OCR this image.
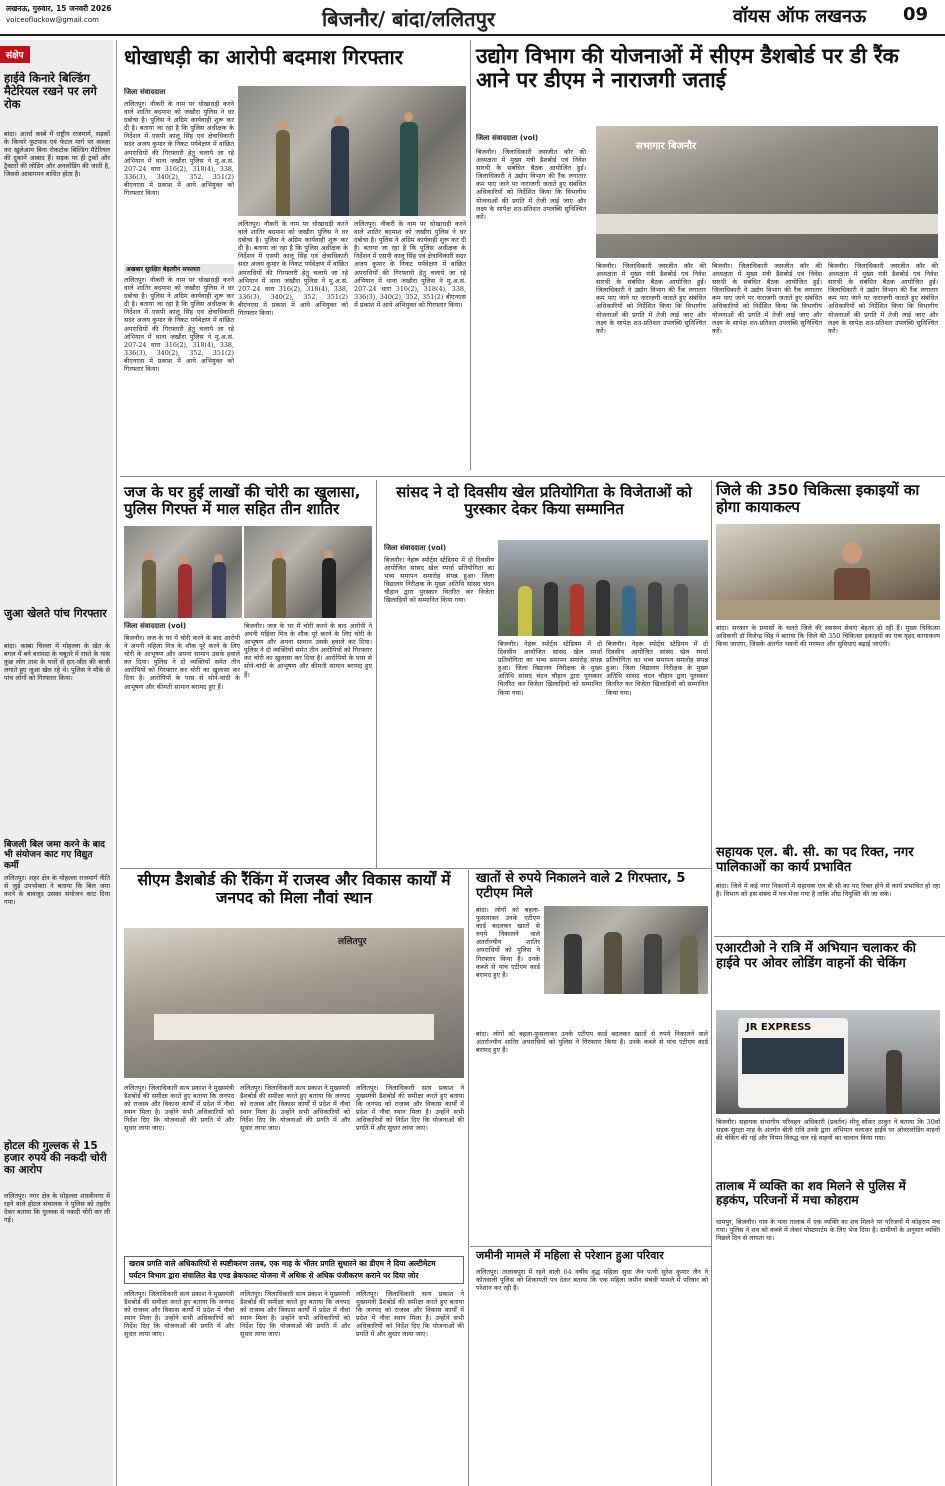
लखनऊ, गुरुवार, 15 जनवरी 2026
voiceofluckow@gmail.com	बिजनौर/ बांदा/ललितपुर	वॉयस ऑफ लखनऊ 09
संक्षेप
हाईवे किनारे बिल्डिंग मैटेरियल रखने पर लगे रोक
बांदा। अतर्रा कस्बे में राष्ट्रीय राजमार्ग, सड़कों के किनारे फुटपाथ एवं फेटल मार्ग पर कब्जा कर खुलेआम बिना रोकटोक बिल्डिंग मैटेरियल की दुकानें आबाद हैं। सड़क पर ही ट्रकों और ट्रैक्टरों की लोडिंग और अनलोडिंग की जाती है, जिससे आवागमन बाधित होता है।
जुआ खेलते पांच गिरफ्तार
बांदा। कस्बा चिल्ला में मोहल्ला के खेत के बगल में बने बरामदा के चबूतरे में रास्ते के पास कुछ लोग ताश के पत्तों से हार-जीत की बाजी लगाते हुए जुआ खेल रहे थे। पुलिस ने मौके से पांच लोगों को गिरफ्तार किया।
बिजली बिल जमा करने के बाद भी संयोजन काट गए विद्युत कर्मी
ललितपुर। शहर क्षेत्र के मोहल्ला राजमार्ग नीति से जुड़े उपभोक्ता ने बताया कि बिल जमा करने के बावजूद उसका संयोजन काट दिया गया।
होटल की गुल्लक से 15 हजार रुपये की नकदी चोरी का आरोप
ललितपुर। नगर क्षेत्र के मोहल्ला शास्त्रीनगर में रहने वाले होटल संचालक ने पुलिस को तहरीर देकर बताया कि गुल्लक से नकदी चोरी कर ली गई।
धोखाधड़ी का आरोपी बदमाश गिरफ्तार
जिला संवाददाता
ललितपुर। नौकरी के नाम पर धोखाधड़ी करने वाले शातिर बदमाश को जखौरा पुलिस ने धर दबोचा है। पुलिस ने अग्रिम कार्यवाही शुरू कर दी है। बताया जा रहा है कि पुलिस अधीक्षक के निर्देशन में एसपी कालू सिंह एवं क्षेत्राधिकारी सदर अजय कुमार के निकट पर्यवेक्षण में वांछित अपराधियों की गिरफ्तारी हेतु चलाये जा रहे अभियान में थाना जखौरा पुलिस ने मु.अ.सं. 207-24 धारा 316(2), 318(4), 338, 336(3), 340(2), 352, 351(2) बीएनएस में प्रकाश में आये अभियुक्त को गिरफ्तार किया।
अखबार सुरक्षित बेहतरीन सफलता
ललितपुर। नौकरी के नाम पर धोखाधड़ी करने वाले शातिर बदमाश को जखौरा पुलिस ने धर दबोचा है। पुलिस ने अग्रिम कार्यवाही शुरू कर दी है। बताया जा रहा है कि पुलिस अधीक्षक के निर्देशन में एसपी कालू सिंह एवं क्षेत्राधिकारी सदर अजय कुमार के निकट पर्यवेक्षण में वांछित अपराधियों की गिरफ्तारी हेतु चलाये जा रहे अभियान में थाना जखौरा पुलिस ने मु.अ.सं. 207-24 धारा 316(2), 318(4), 338, 336(3), 340(2), 352, 351(2) बीएनएस में प्रकाश में आये अभियुक्त को गिरफ्तार किया।
ललितपुर। नौकरी के नाम पर धोखाधड़ी करने वाले शातिर बदमाश को जखौरा पुलिस ने धर दबोचा है। पुलिस ने अग्रिम कार्यवाही शुरू कर दी है। बताया जा रहा है कि पुलिस अधीक्षक के निर्देशन में एसपी कालू सिंह एवं क्षेत्राधिकारी सदर अजय कुमार के निकट पर्यवेक्षण में वांछित अपराधियों की गिरफ्तारी हेतु चलाये जा रहे अभियान में थाना जखौरा पुलिस ने मु.अ.सं. 207-24 धारा 316(2), 318(4), 338, 336(3), 340(2), 352, 351(2) बीएनएस में प्रकाश में आये अभियुक्त को गिरफ्तार किया।
ललितपुर। नौकरी के नाम पर धोखाधड़ी करने वाले शातिर बदमाश को जखौरा पुलिस ने धर दबोचा है। पुलिस ने अग्रिम कार्यवाही शुरू कर दी है। बताया जा रहा है कि पुलिस अधीक्षक के निर्देशन में एसपी कालू सिंह एवं क्षेत्राधिकारी सदर अजय कुमार के निकट पर्यवेक्षण में वांछित अपराधियों की गिरफ्तारी हेतु चलाये जा रहे अभियान में थाना जखौरा पुलिस ने मु.अ.सं. 207-24 धारा 316(2), 318(4), 338, 336(3), 340(2), 352, 351(2) बीएनएस में प्रकाश में आये अभियुक्त को गिरफ्तार किया।
जज के घर हुई लाखों की चोरी का खुलासा, पुलिस गिरफ्त में माल सहित तीन शातिर
जिला संवाददाता (vol)
बिजनौर। जज के घर में चोरी करने के बाद आरोपी ने अपनी महिला मित्र के शौक पूरे करने के लिए चोरी के आभूषण और अपना सामान उसके हवाले कर दिया। पुलिस ने दो व्यक्तियों समेत तीन आरोपियों को गिरफ्तार कर चोरी का खुलासा कर दिया है। आरोपियों के पास से सोने-चांदी के आभूषण और कीमती सामान बरामद हुए हैं।
बिजनौर। जज के घर में चोरी करने के बाद आरोपी ने अपनी महिला मित्र के शौक पूरे करने के लिए चोरी के आभूषण और अपना सामान उसके हवाले कर दिया। पुलिस ने दो व्यक्तियों समेत तीन आरोपियों को गिरफ्तार कर चोरी का खुलासा कर दिया है। आरोपियों के पास से सोने-चांदी के आभूषण और कीमती सामान बरामद हुए हैं।
उद्योग विभाग की योजनाओं में सीएम डैशबोर्ड पर डी रैंक आने पर डीएम ने नाराजगी जताई
जिला संवाददाता (vol)
बिजनौर। जिलाधिकारी जसजीत कौर की अध्यक्षता में मुख्य मंत्री डैशबोर्ड एवं निवेश सारथी के संबंधित बैठक आयोजित हुई। जिलाधिकारी ने उद्योग विभाग की रैंक लगातार कम पाए जाने पर नाराजगी जताते हुए संबंधित अधिकारियों को निर्देशित किया कि विभागीय योजनाओं की प्रगति में तेजी लाई जाए और लक्ष्य के सापेक्ष शत-प्रतिशत उपलब्धि सुनिश्चित करें।
सभागार बिजनौर
बिजनौर। जिलाधिकारी जसजीत कौर की अध्यक्षता में मुख्य मंत्री डैशबोर्ड एवं निवेश सारथी के संबंधित बैठक आयोजित हुई। जिलाधिकारी ने उद्योग विभाग की रैंक लगातार कम पाए जाने पर नाराजगी जताते हुए संबंधित अधिकारियों को निर्देशित किया कि विभागीय योजनाओं की प्रगति में तेजी लाई जाए और लक्ष्य के सापेक्ष शत-प्रतिशत उपलब्धि सुनिश्चित करें।
बिजनौर। जिलाधिकारी जसजीत कौर की अध्यक्षता में मुख्य मंत्री डैशबोर्ड एवं निवेश सारथी के संबंधित बैठक आयोजित हुई। जिलाधिकारी ने उद्योग विभाग की रैंक लगातार कम पाए जाने पर नाराजगी जताते हुए संबंधित अधिकारियों को निर्देशित किया कि विभागीय योजनाओं की प्रगति में तेजी लाई जाए और लक्ष्य के सापेक्ष शत-प्रतिशत उपलब्धि सुनिश्चित करें।
बिजनौर। जिलाधिकारी जसजीत कौर की अध्यक्षता में मुख्य मंत्री डैशबोर्ड एवं निवेश सारथी के संबंधित बैठक आयोजित हुई। जिलाधिकारी ने उद्योग विभाग की रैंक लगातार कम पाए जाने पर नाराजगी जताते हुए संबंधित अधिकारियों को निर्देशित किया कि विभागीय योजनाओं की प्रगति में तेजी लाई जाए और लक्ष्य के सापेक्ष शत-प्रतिशत उपलब्धि सुनिश्चित करें।
सांसद ने दो दिवसीय खेल प्रतियोगिता के विजेताओं को पुरस्कार देकर किया सम्मानित
जिला संवाददाता (vol)
बिजनौर। नेहरू स्पोर्ट्स स्टेडियम में दो दिवसीय आयोजित सांसद खेल स्पर्धा प्रतियोगिता का भव्य समापन समारोह संपन्न हुआ। जिला विद्यालय निरीक्षक के मुख्य अतिथि सांसद चंदन चौहान द्वारा पुरस्कार वितरित कर विजेता खिलाड़ियों को सम्मानित किया गया।
बिजनौर। नेहरू स्पोर्ट्स स्टेडियम में दो दिवसीय आयोजित सांसद खेल स्पर्धा प्रतियोगिता का भव्य समापन समारोह संपन्न हुआ। जिला विद्यालय निरीक्षक के मुख्य अतिथि सांसद चंदन चौहान द्वारा पुरस्कार वितरित कर विजेता खिलाड़ियों को सम्मानित किया गया।
बिजनौर। नेहरू स्पोर्ट्स स्टेडियम में दो दिवसीय आयोजित सांसद खेल स्पर्धा प्रतियोगिता का भव्य समापन समारोह संपन्न हुआ। जिला विद्यालय निरीक्षक के मुख्य अतिथि सांसद चंदन चौहान द्वारा पुरस्कार वितरित कर विजेता खिलाड़ियों को सम्मानित किया गया।
जिले की 350 चिकित्सा इकाइयों का होगा कायाकल्प
बांदा। सरकार के प्रयासों के चलते जिले की स्वास्थ्य सेवाएं बेहतर हो रही हैं। मुख्य चिकित्सा अधिकारी डॉ विजेन्द्र सिंह ने बताया कि जिले की 350 चिकित्सा इकाइयों का एक वृहद कायाकल्प किया जाएगा, जिसके अंतर्गत भवनों की मरम्मत और सुविधाएं बढ़ाई जाएंगी।
सहायक एल. बी. सी. का पद रिक्त, नगर पालिकाओं का कार्य प्रभावित
बांदा। जिले में कई नगर निकायों में सहायक एल बी सी का पद रिक्त होने से कार्य प्रभावित हो रहा है। विभाग को इस संबंध में पत्र भेजा गया है ताकि शीघ्र नियुक्ति की जा सके।
एआरटीओ ने रात्रि में अभियान चलाकर की हाईवे पर ओवर लोडिंग वाहनों की चेकिंग
JR EXPRESS
बिजनौर। सहायक संभागीय परिवहन अधिकारी (प्रवर्तन) मीनू सोंकर ठाकुर ने बताया कि 30वाँ सड़क सुरक्षा माह के अंतर्गत बीती रात्रि उनके द्वारा अभियान चलाकर हाईवे पर ओवरलोडिंग वाहनों की चेकिंग की गई और नियम विरुद्ध चल रहे वाहनों का चालान किया गया।
सीएम डैशबोर्ड की रैंकिंग में राजस्व और विकास कार्यों में जनपद को मिला नौवां स्थान
ललितपुर
ललितपुर। जिलाधिकारी सत्य प्रकाश ने मुख्यमंत्री डैशबोर्ड की समीक्षा करते हुए बताया कि जनपद को राजस्व और विकास कार्यों में प्रदेश में नौवां स्थान मिला है। उन्होंने सभी अधिकारियों को निर्देश दिए कि योजनाओं की प्रगति में और सुधार लाया जाए।
ललितपुर। जिलाधिकारी सत्य प्रकाश ने मुख्यमंत्री डैशबोर्ड की समीक्षा करते हुए बताया कि जनपद को राजस्व और विकास कार्यों में प्रदेश में नौवां स्थान मिला है। उन्होंने सभी अधिकारियों को निर्देश दिए कि योजनाओं की प्रगति में और सुधार लाया जाए।
ललितपुर। जिलाधिकारी सत्य प्रकाश ने मुख्यमंत्री डैशबोर्ड की समीक्षा करते हुए बताया कि जनपद को राजस्व और विकास कार्यों में प्रदेश में नौवां स्थान मिला है। उन्होंने सभी अधिकारियों को निर्देश दिए कि योजनाओं की प्रगति में और सुधार लाया जाए।
खराब प्रगति वाले अधिकारियों से स्पष्टीकरण तलब, एक माह के भीतर प्रगति सुधारने का डीएम ने दिया अल्टीमेटम
पर्यटन विभाग द्वारा संचालित बेड एण्ड ब्रेकफास्ट योजना में अधिक से अधिक पंजीकरण कराने पर दिया जोर
ललितपुर। जिलाधिकारी सत्य प्रकाश ने मुख्यमंत्री डैशबोर्ड की समीक्षा करते हुए बताया कि जनपद को राजस्व और विकास कार्यों में प्रदेश में नौवां स्थान मिला है। उन्होंने सभी अधिकारियों को निर्देश दिए कि योजनाओं की प्रगति में और सुधार लाया जाए।
ललितपुर। जिलाधिकारी सत्य प्रकाश ने मुख्यमंत्री डैशबोर्ड की समीक्षा करते हुए बताया कि जनपद को राजस्व और विकास कार्यों में प्रदेश में नौवां स्थान मिला है। उन्होंने सभी अधिकारियों को निर्देश दिए कि योजनाओं की प्रगति में और सुधार लाया जाए।
ललितपुर। जिलाधिकारी सत्य प्रकाश ने मुख्यमंत्री डैशबोर्ड की समीक्षा करते हुए बताया कि जनपद को राजस्व और विकास कार्यों में प्रदेश में नौवां स्थान मिला है। उन्होंने सभी अधिकारियों को निर्देश दिए कि योजनाओं की प्रगति में और सुधार लाया जाए।
खातों से रुपये निकालने वाले 2 गिरफ्तार, 5 एटीएम मिले
बांदा। लोगों को बहला-फुसलाकर उनके एटीएम कार्ड बदलकर खातों से रुपये निकालने वाले अंतर्राज्यीय शातिर अपराधियों को पुलिस ने गिरफ्तार किया है। उनके कब्जे से पांच एटीएम कार्ड बरामद हुए हैं।
बांदा। लोगों को बहला-फुसलाकर उनके एटीएम कार्ड बदलकर खातों से रुपये निकालने वाले अंतर्राज्यीय शातिर अपराधियों को पुलिस ने गिरफ्तार किया है। उनके कब्जे से पांच एटीएम कार्ड बरामद हुए हैं।
जमीनी मामले में महिला से परेशान हुआ परिवार
ललितपुर। तालाबपुरा में रहने वाली 64 वर्षीय वृद्ध महिला सुधा जैन पत्नी सुरेश कुमार जैन ने कोतवाली पुलिस को शिकायती पत्र देकर बताया कि एक महिला जमीन संबंधी मामले में परिवार को परेशान कर रही है।
तालाब में व्यक्ति का शव मिलने से पुलिस में हड़कंप, परिजनों में मचा कोहराम
धामपुर, बिजनौर। गांव के पास तालाब में एक व्यक्ति का शव मिलने पर परिजनों में कोहराम मच गया। पुलिस ने शव को कब्जे में लेकर पोस्टमार्टम के लिए भेज दिया है। ग्रामीणों के अनुसार व्यक्ति पिछले दिन से लापता था।
